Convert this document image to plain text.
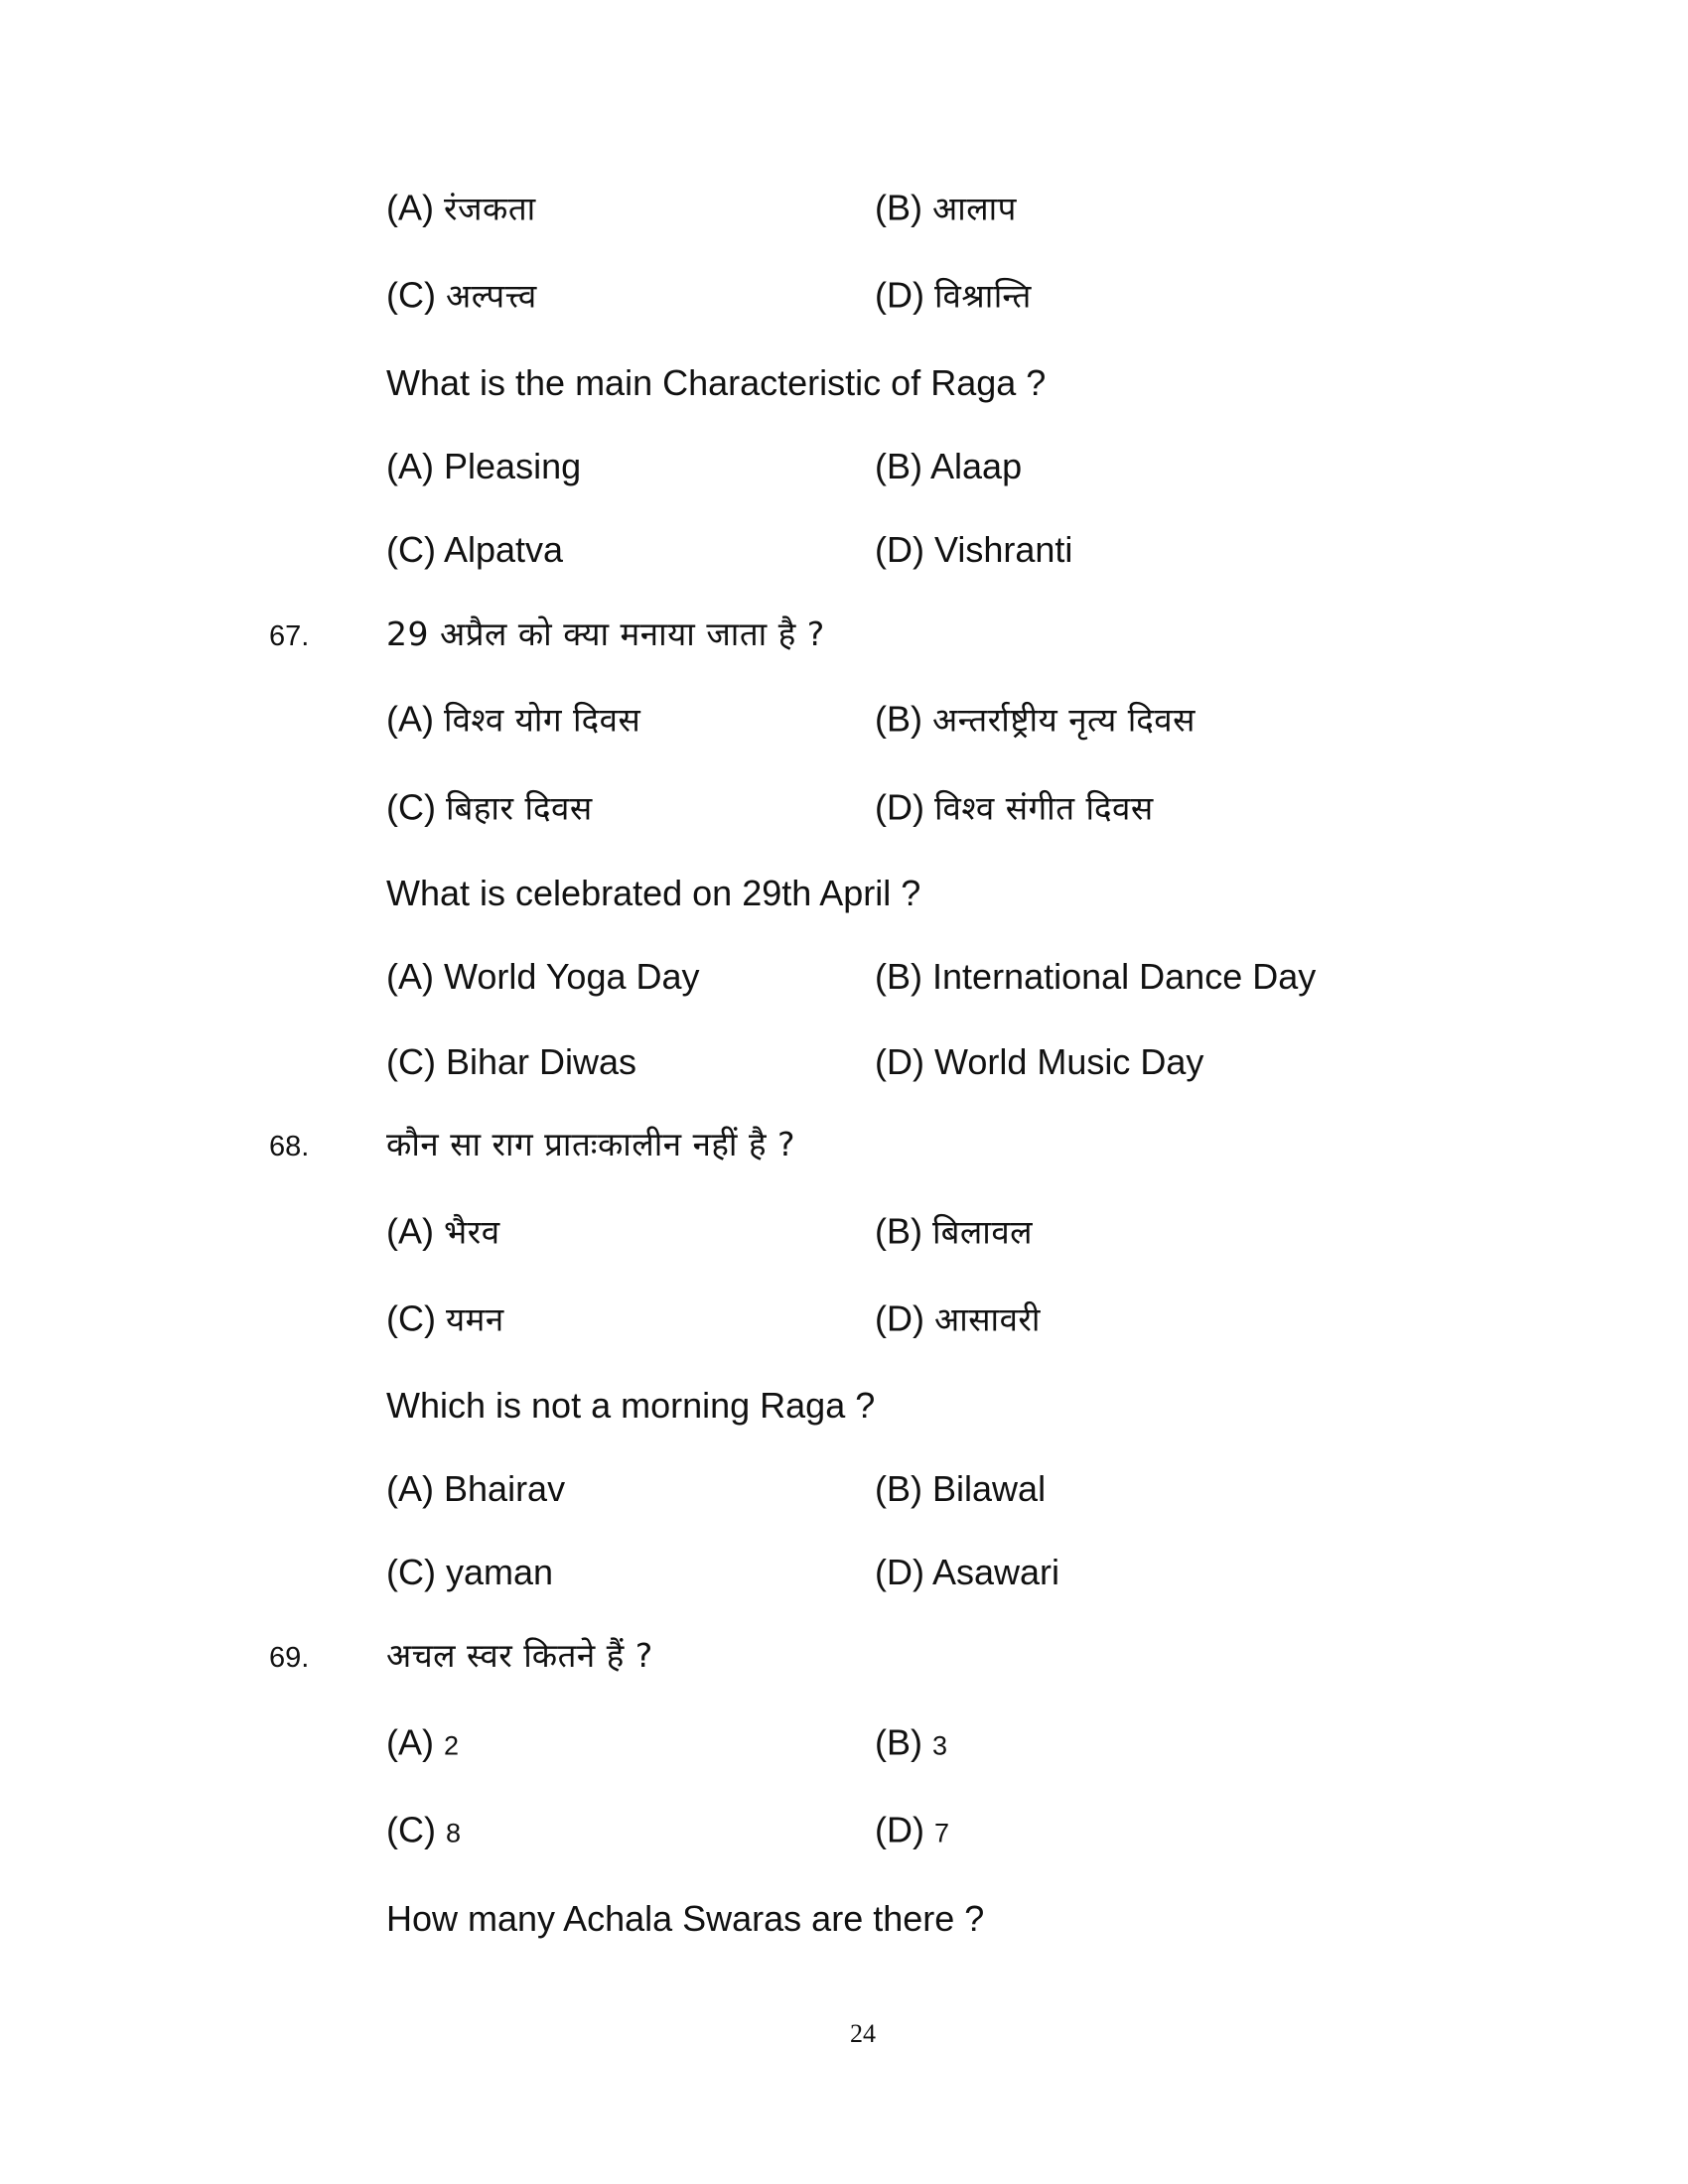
(A) रंजकता	(B) आलाप
(C) अल्पत्त्व	(D) विश्रान्ति
What is the main Characteristic of Raga ?
(A) Pleasing	(B) Alaap
(C) Alpatva	(D) Vishranti
67. 29 अप्रैल को क्या मनाया जाता है ?
(A) विश्व योग दिवस	(B) अन्तर्राष्ट्रीय नृत्य दिवस
(C) बिहार दिवस	(D) विश्व संगीत दिवस
What is celebrated on 29th April ?
(A) World Yoga Day	(B) International Dance Day
(C) Bihar Diwas	(D) World Music Day
68. कौन सा राग प्रातःकालीन नहीं है ?
(A) भैरव	(B) बिलावल
(C) यमन	(D) आसावरी
Which is not a morning Raga ?
(A) Bhairav	(B) Bilawal
(C) yaman	(D) Asawari
69. अचल स्वर कितने हैं ?
(A) 2	(B) 3
(C) 8	(D) 7
How many Achala Swaras are there ?
24
